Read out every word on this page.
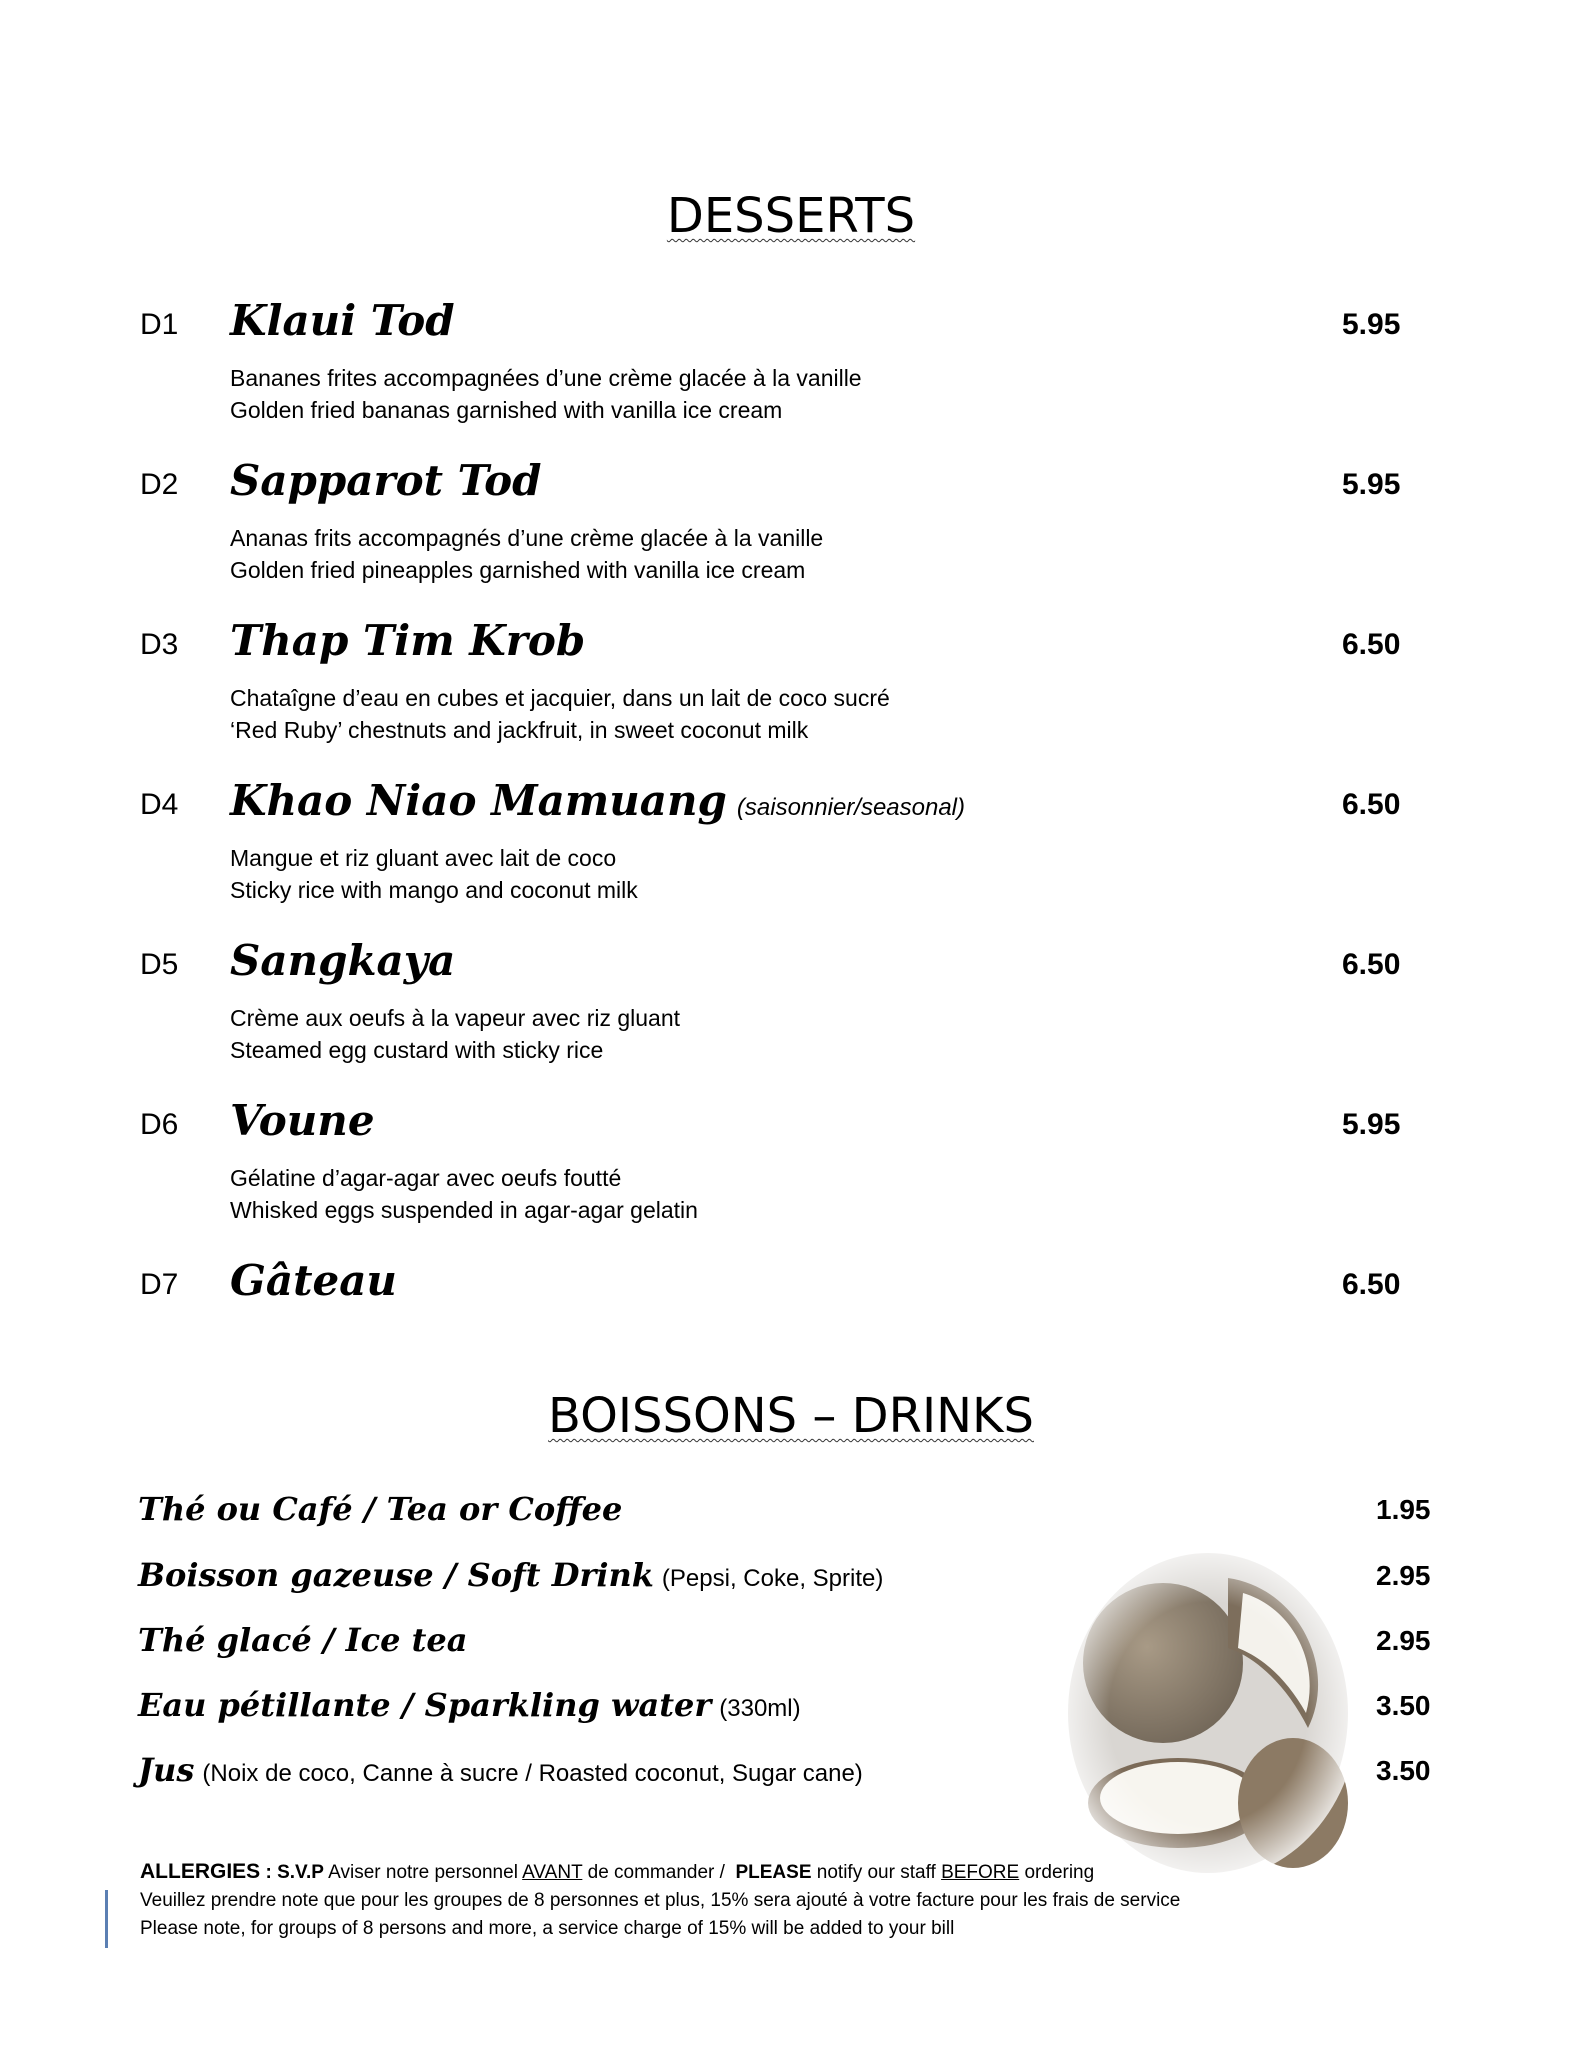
DESSERTS
D1 Klaui Tod	5.95
Bananes frites accompagnées d’une crème glacée à la vanille
Golden fried bananas garnished with vanilla ice cream
D2 Sapparot Tod	5.95
Ananas frits accompagnés d’une crème glacée à la vanille
Golden fried pineapples garnished with vanilla ice cream
D3 Thap Tim Krob	6.50
Chataîgne d’eau en cubes et jacquier, dans un lait de coco sucré
‘Red Ruby’ chestnuts and jackfruit, in sweet coconut milk
D4 Khao Niao Mamuang (saisonnier/seasonal)	6.50
Mangue et riz gluant avec lait de coco
Sticky rice with mango and coconut milk
D5 Sangkaya	6.50
Crème aux oeufs à la vapeur avec riz gluant
Steamed egg custard with sticky rice
D6 Voune	5.95
Gélatine d’agar-agar avec oeufs foutté
Whisked eggs suspended in agar-agar gelatin
D7 Gâteau	6.50
BOISSONS – DRINKS
Thé ou Café / Tea or Coffee	1.95
Boisson gazeuse / Soft Drink (Pepsi, Coke, Sprite)	2.95
Thé glacé / Ice tea	2.95
Eau pétillante / Sparkling water (330ml)	3.50
Jus (Noix de coco, Canne à sucre / Roasted coconut, Sugar cane)	3.50
ALLERGIES : S.V.P Aviser notre personnel AVANT de commander / PLEASE notify our staff BEFORE ordering
Veuillez prendre note que pour les groupes de 8 personnes et plus, 15% sera ajouté à votre facture pour les frais de service
Please note, for groups of 8 persons and more, a service charge of 15% will be added to your bill
